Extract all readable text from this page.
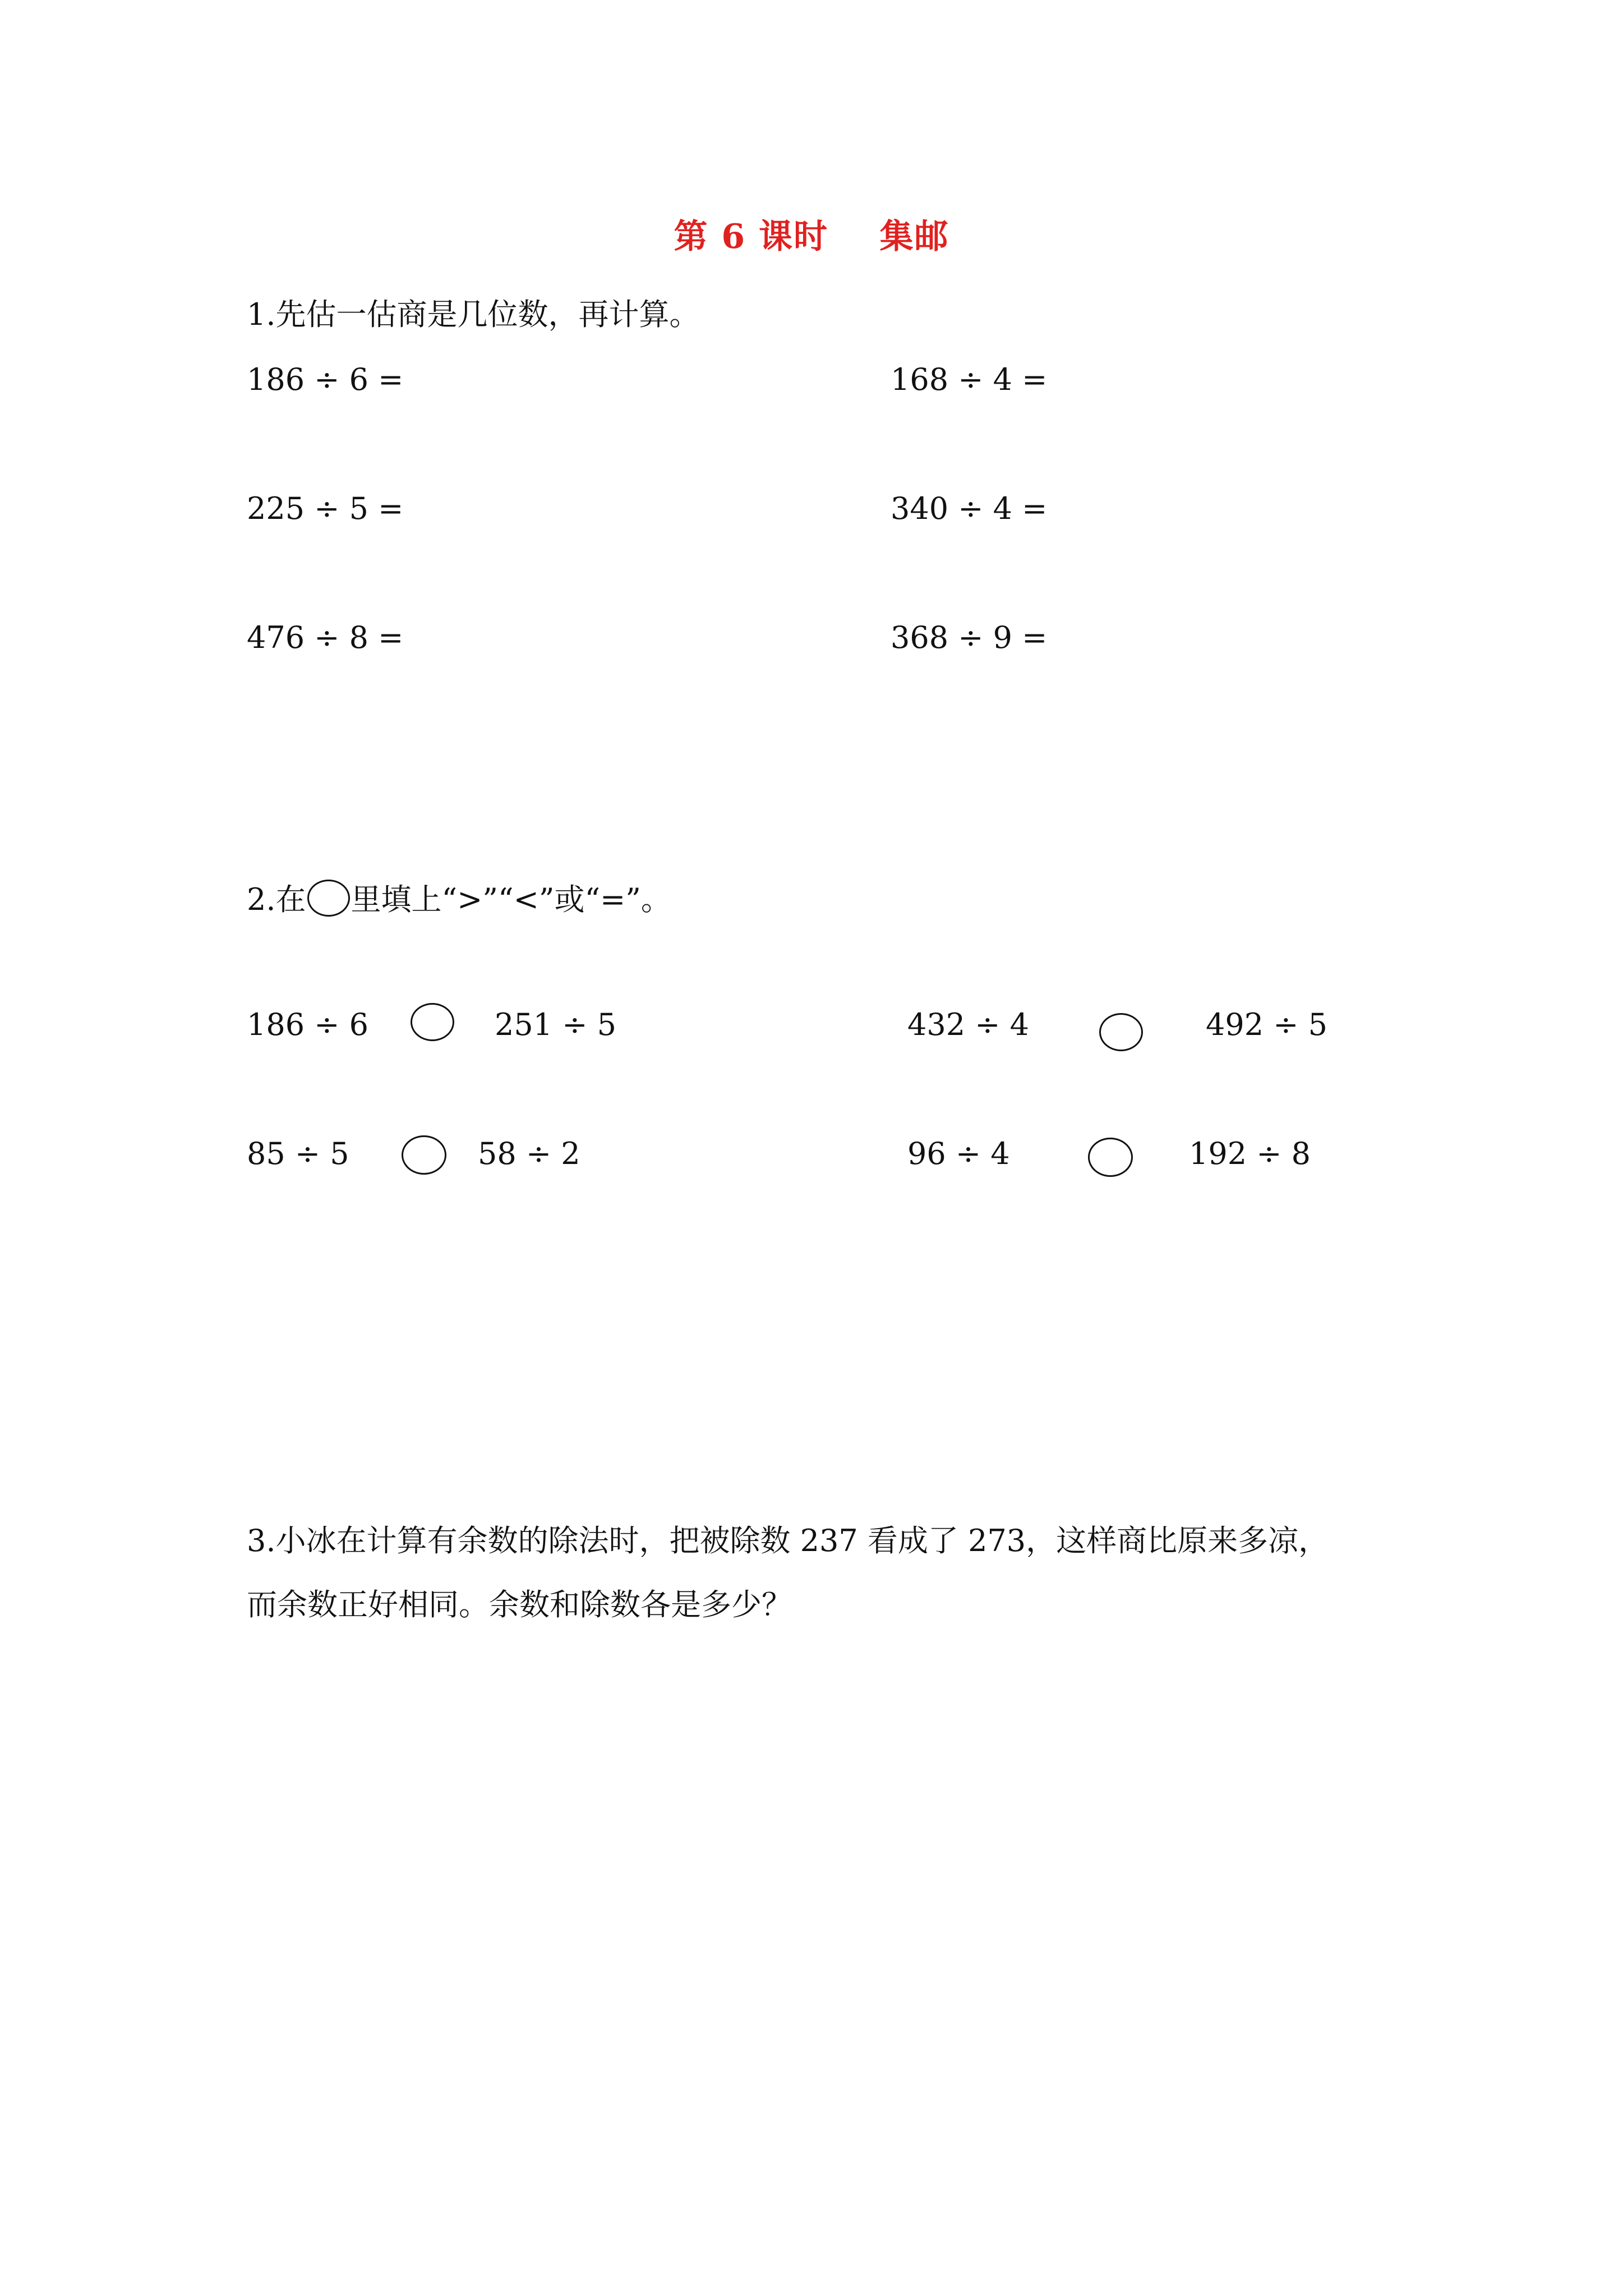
第 6 课时    集邮
1.先估一估商是几位数，再计算。
186 ÷ 6 =	168 ÷ 4 =
225 ÷ 5 =	340 ÷ 4 =
476 ÷ 8 =	368 ÷ 9 =
2.在 里填上“>”“<”或“=”。
186 ÷ 6	251 ÷ 5	432 ÷ 4	492 ÷ 5
85 ÷ 5	58 ÷ 2	96 ÷ 4	192 ÷ 8
3.小冰在计算有余数的除法时，把被除数 237 看成了 273，这样商比原来多凉，
而余数正好相同。余数和除数各是多少？
